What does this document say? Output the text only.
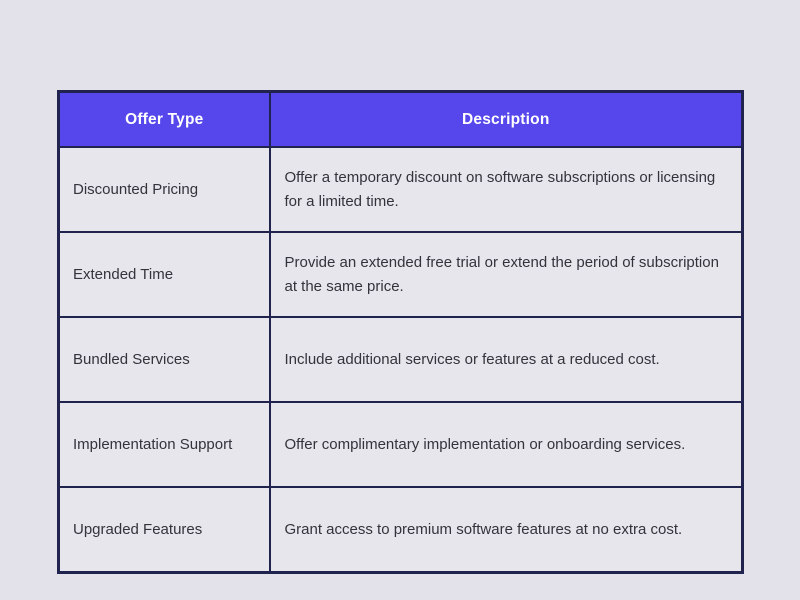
Offer Type	Description
Discounted Pricing	Offer a temporary discount on software subscriptions or licensing for a limited time.
Extended Time	Provide an extended free trial or extend the period of subscription at the same price.
Bundled Services	Include additional services or features at a reduced cost.
Implementation Support	Offer complimentary implementation or onboarding services.
Upgraded Features	Grant access to premium software features at no extra cost.
